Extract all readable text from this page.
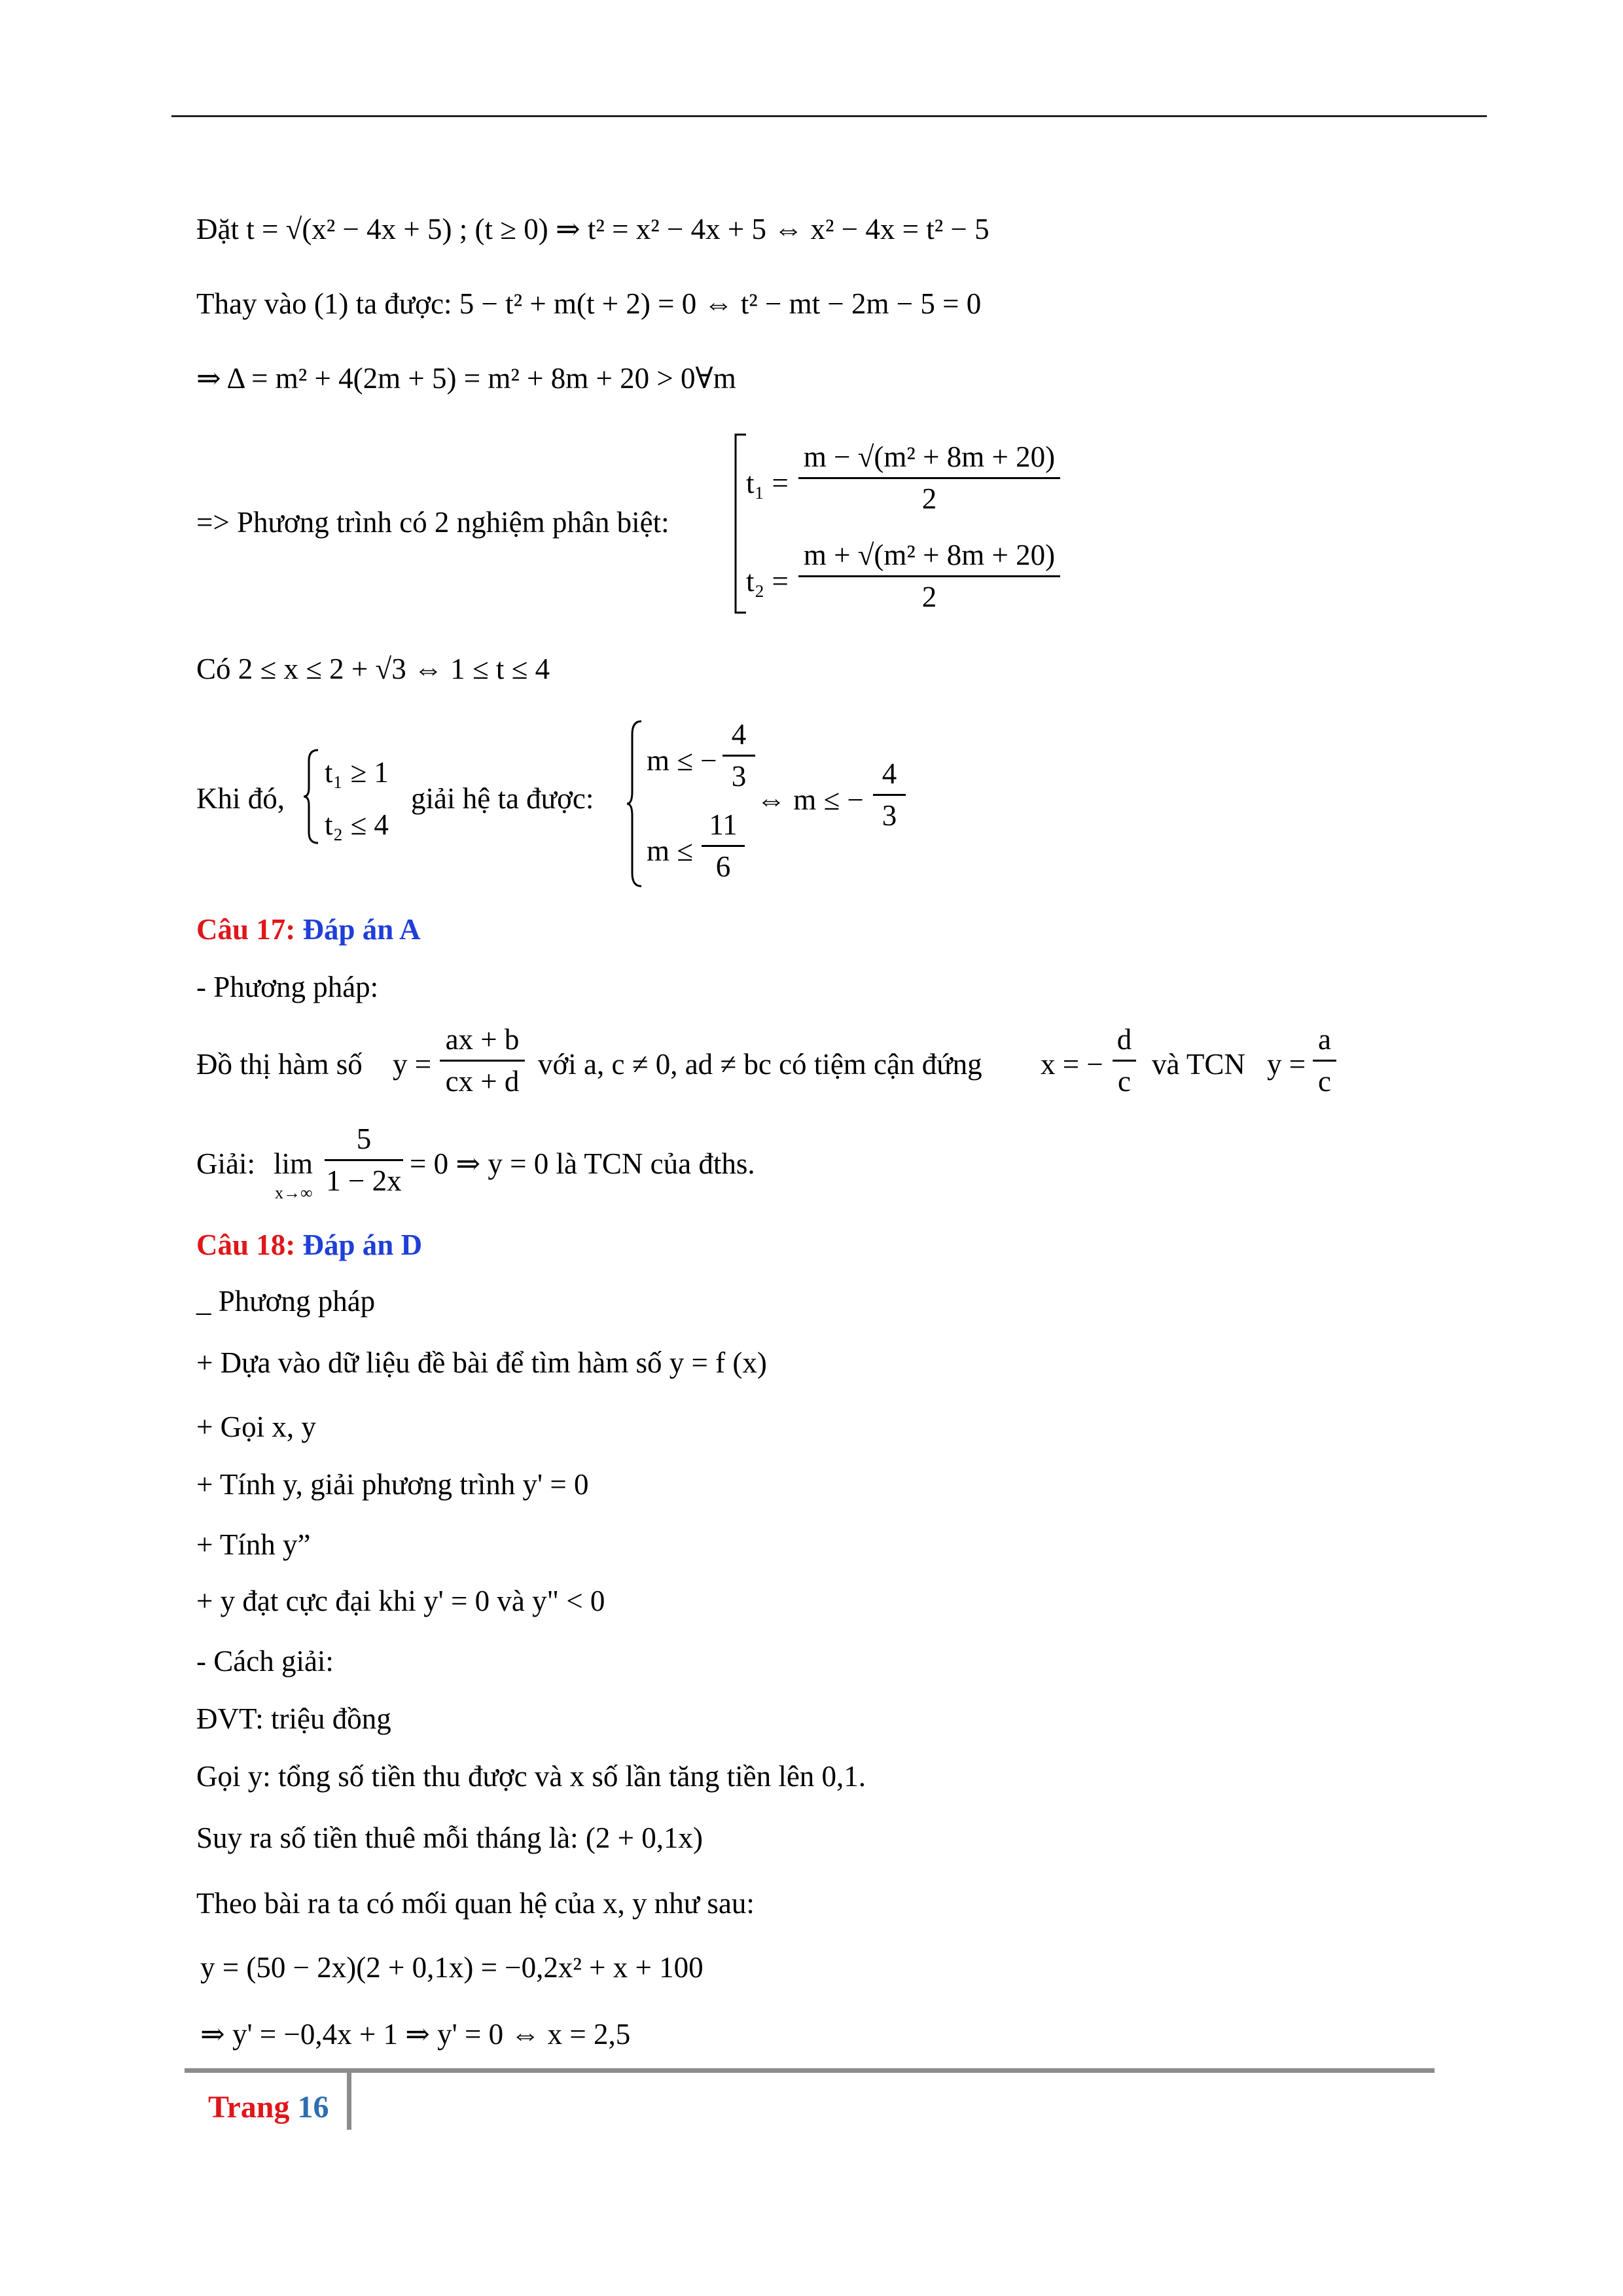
Đặt t = √(x² − 4x + 5) ; (t ≥ 0) ⇒ t² = x² − 4x + 5 ⇔ x² − 4x = t² − 5
Thay vào (1) ta được: 5 − t² + m(t + 2) = 0 ⇔ t² − mt − 2m − 5 = 0
⇒ Δ = m² + 4(2m + 5) = m² + 8m + 20 > 0∀m
=> Phương trình có 2 nghiệm phân biệt:
t₁ =
m − √(m² + 8m + 20)
2
t₂ =
m + √(m² + 8m + 20)
2
Có 2 ≤ x ≤ 2 + √3 ⇔ 1 ≤ t ≤ 4
Khi đó,
t₁ ≥ 1
t₂ ≤ 4
giải hệ ta được:
m ≤ −
4
3
m ≤
11
6
⇔ m ≤ −
4
3
Câu 17: Đáp án A
- Phương pháp:
Đồ thị hàm số y =
ax + b
cx + d
với a, c ≠ 0, ad ≠ bc có tiệm cận đứng x = −
d
c
và TCN y =
a
c
Giải: lim
x→∞
5
1 − 2x
= 0 ⇒ y = 0 là TCN của đths.
Câu 18: Đáp án D
_ Phương pháp
+ Dựa vào dữ liệu đề bài để tìm hàm số y = f (x)
+ Gọi x, y
+ Tính y, giải phương trình y' = 0
+ Tính y”
+ y đạt cực đại khi y' = 0 và y" < 0
- Cách giải:
ĐVT: triệu đồng
Gọi y: tổng số tiền thu được và x số lần tăng tiền lên 0,1.
Suy ra số tiền thuê mỗi tháng là: (2 + 0,1x)
Theo bài ra ta có mối quan hệ của x, y như sau:
y = (50 − 2x)(2 + 0,1x) = −0,2x² + x + 100
⇒ y' = −0,4x + 1 ⇒ y' = 0 ⇔ x = 2,5
Trang 16
